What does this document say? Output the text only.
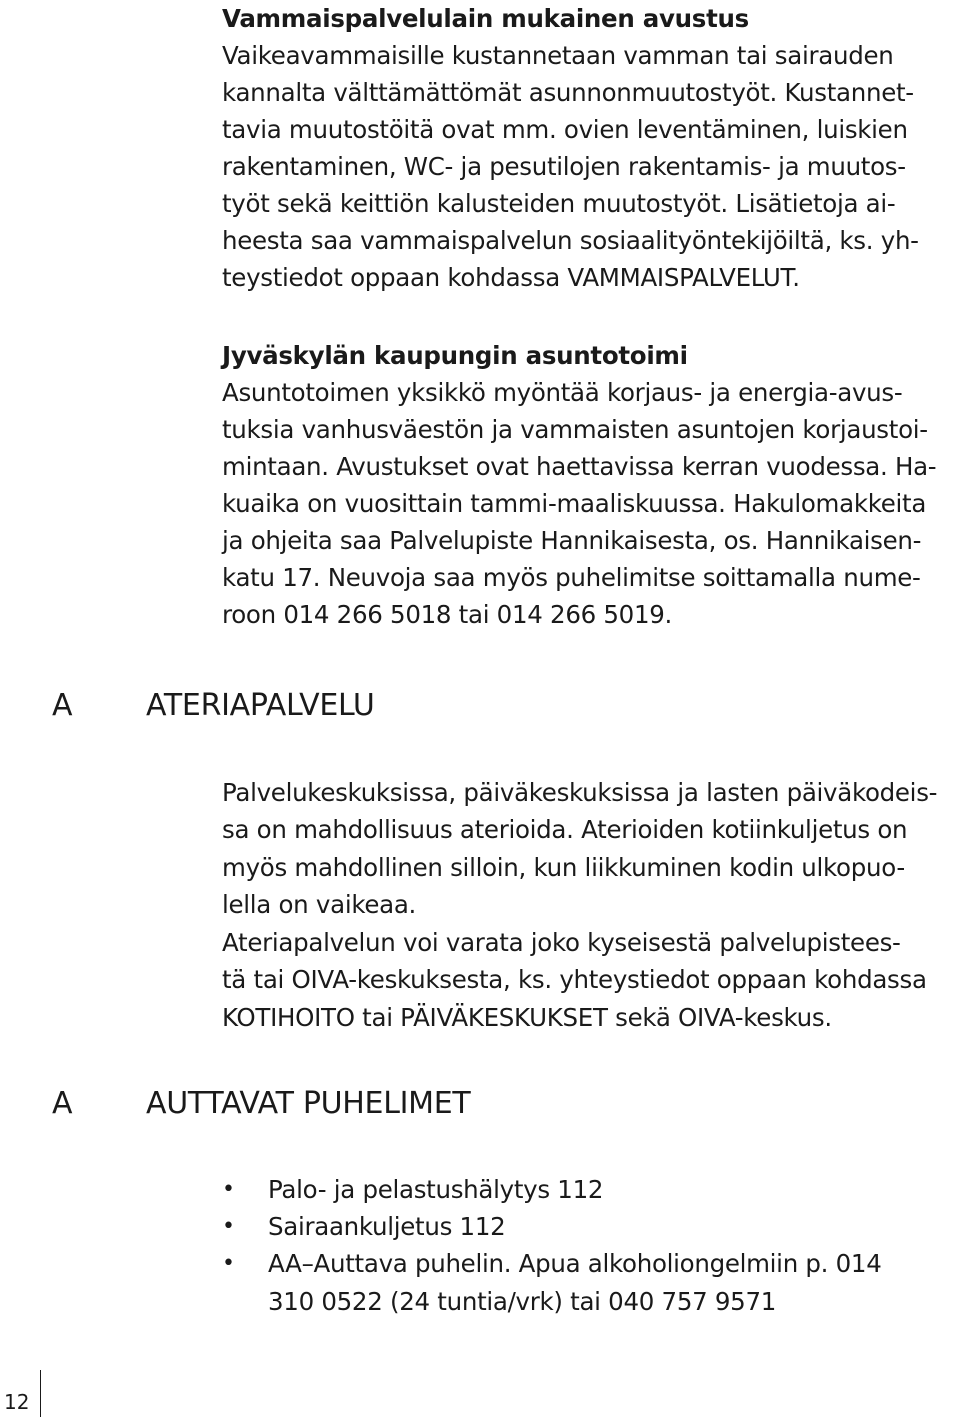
Vammaispalvelulain mukainen avustus
Vaikeavammaisille kustannetaan vamman tai sairauden
kannalta välttämättömät asunnonmuutostyöt. Kustannet-
tavia muutostöitä ovat mm. ovien leventäminen, luiskien
rakentaminen, WC- ja pesutilojen rakentamis- ja muutos-
työt sekä keittiön kalusteiden muutostyöt. Lisätietoja ai-
heesta saa vammaispalvelun sosiaalityöntekijöiltä, ks. yh-
teystiedot oppaan kohdassa VAMMAISPALVELUT.
Jyväskylän kaupungin asuntotoimi
Asuntotoimen yksikkö myöntää korjaus- ja energia-avus-
tuksia vanhusväestön ja vammaisten asuntojen korjaustoi-
mintaan. Avustukset ovat haettavissa kerran vuodessa. Ha-
kuaika on vuosittain tammi-maaliskuussa. Hakulomakkeita
ja ohjeita saa Palvelupiste Hannikaisesta, os. Hannikaisen-
katu 17. Neuvoja saa myös puhelimitse soittamalla nume-
roon 014 266 5018 tai 014 266 5019.
A ATERIAPALVELU
Palvelukeskuksissa, päiväkeskuksissa ja lasten päiväkodeis-
sa on mahdollisuus aterioida. Aterioiden kotiinkuljetus on
myös mahdollinen silloin, kun liikkuminen kodin ulkopuo-
lella on vaikeaa.
Ateriapalvelun voi varata joko kyseisestä palvelupistees-
tä tai OIVA-keskuksesta, ks. yhteystiedot oppaan kohdassa
KOTIHOITO tai PÄIVÄKESKUKSET sekä OIVA-keskus.
A AUTTAVAT PUHELIMET
• Palo- ja pelastushälytys 112
• Sairaankuljetus 112
• AA–Auttava puhelin. Apua alkoholiongelmiin p. 014
310 0522 (24 tuntia/vrk) tai 040 757 9571
12
